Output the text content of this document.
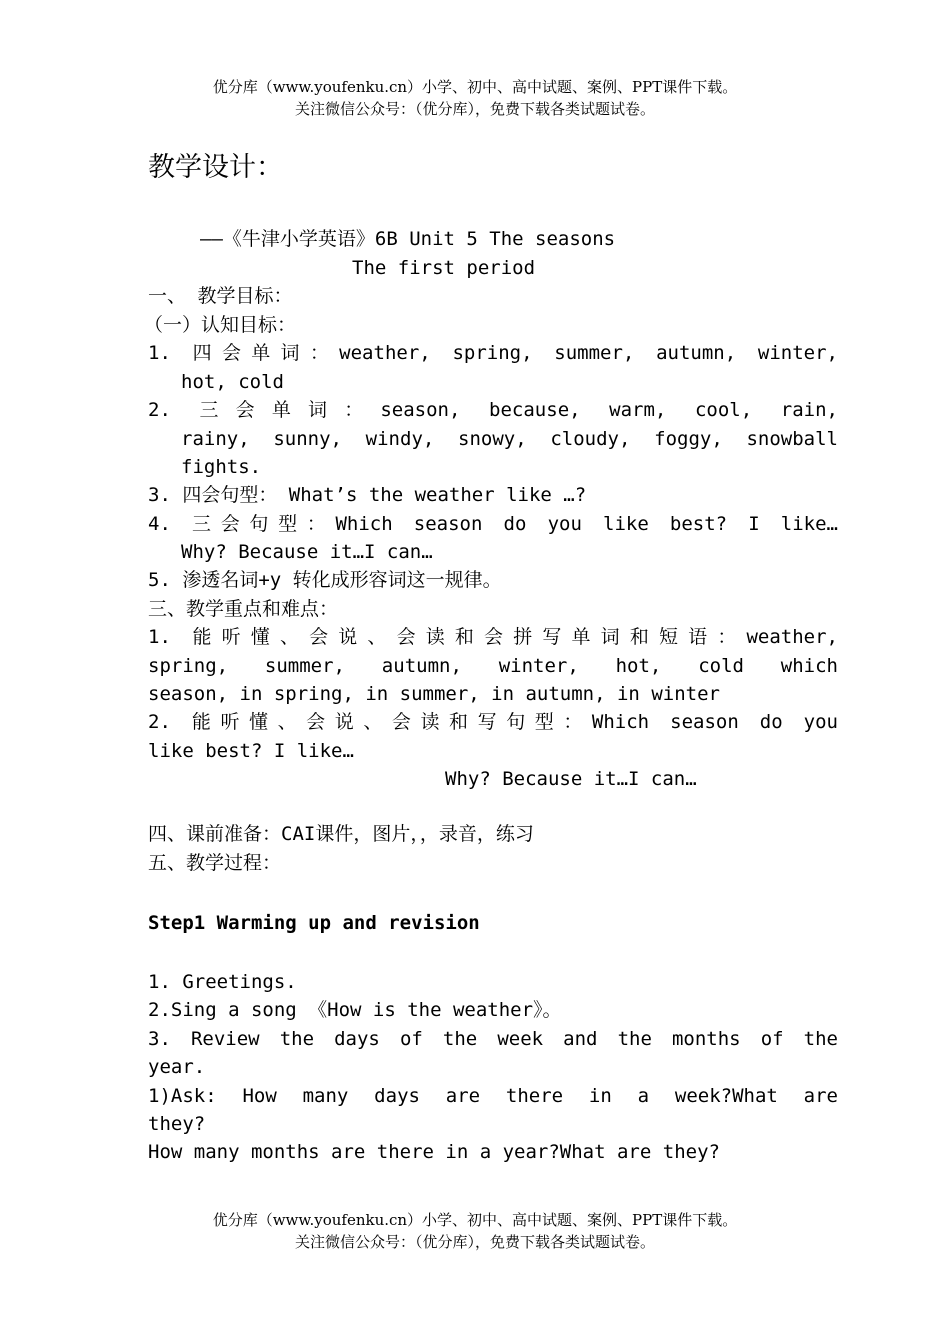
优分库（www.youfenku.cn）小学、初中、高中试题、案例、PPT课件下载。

关注微信公众号：（优分库），免费下载各类试题试卷。

教学设计：
——《牛津小学英语》6B Unit 5 The seasons
The first period
一、 教学目标：
（一）认知目标：
1. 四会单词：weather, spring, summer, autumn, winter,
hot, cold
2. 三会单词：season, because, warm, cool, rain,
rainy, sunny, windy, snowy, cloudy, foggy, snowball
fights.
3. 四会句型： What’s the weather like …?
4. 三会句型：Which season do you like best? I like…
Why? Because it…I can…
5. 渗透名词+y 转化成形容词这一规律。
三、教学重点和难点：
1. 能听懂、会说、会读和会拼写单词和短语：weather,
spring, summer, autumn, winter, hot, cold which
season, in spring, in summer, in autumn, in winter
2. 能听懂、会说、会读和写句型：Which season do you
like best? I like…
Why? Because it…I can…
四、课前准备：CAI课件，图片，，录音，练习
五、教学过程：
Step1 Warming up and revision
1. Greetings.
2.Sing a song 《How is the weather》。
3. Review the days of the week and the months of the
year.
1)Ask: How many days are there in a week?What are
they?
How many months are there in a year?What are they?

优分库（www.youfenku.cn）小学、初中、高中试题、案例、PPT课件下载。

关注微信公众号：（优分库），免费下载各类试题试卷。
